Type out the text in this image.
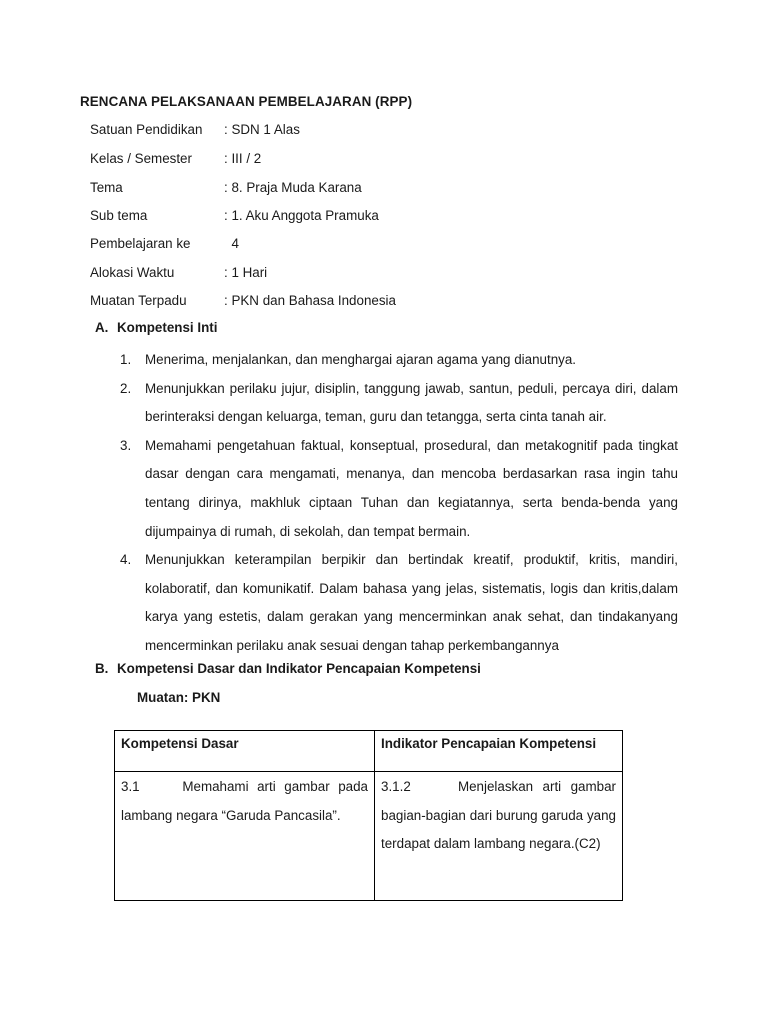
RENCANA PELAKSANAAN PEMBELAJARAN (RPP)
Satuan Pendidikan : SDN 1 Alas
Kelas / Semester : III / 2
Tema	: 8. Praja Muda Karana
Sub tema	: 1. Aku Anggota Pramuka
Pembelajaran ke	4
Alokasi Waktu	: 1 Hari
Muatan Terpadu	: PKN dan Bahasa Indonesia
A. Kompetensi Inti
1. Menerima, menjalankan, dan menghargai ajaran agama yang dianutnya.
2. Menunjukkan perilaku jujur, disiplin, tanggung jawab, santun, peduli, percaya diri, dalam berinteraksi dengan keluarga, teman, guru dan tetangga, serta cinta tanah air.
3. Memahami pengetahuan faktual, konseptual, prosedural, dan metakognitif pada tingkat dasar dengan cara mengamati, menanya, dan mencoba berdasarkan rasa ingin tahu tentang dirinya, makhluk ciptaan Tuhan dan kegiatannya, serta benda-benda yang dijumpainya di rumah, di sekolah, dan tempat bermain.
4. Menunjukkan keterampilan berpikir dan bertindak kreatif, produktif, kritis, mandiri, kolaboratif, dan komunikatif. Dalam bahasa yang jelas, sistematis, logis dan kritis,dalam karya yang estetis, dalam gerakan yang mencerminkan anak sehat, dan tindakanyang mencerminkan perilaku anak sesuai dengan tahap perkembangannya
B. Kompetensi Dasar dan Indikator Pencapaian Kompetensi
Muatan: PKN
Kompetensi Dasar	Indikator Pencapaian Kompetensi
3.1     Memahami arti gambar pada lambang negara “Garuda Pancasila”.	3.1.2     Menjelaskan arti gambar bagian-bagian dari burung garuda yang terdapat dalam lambang negara.(C2)
